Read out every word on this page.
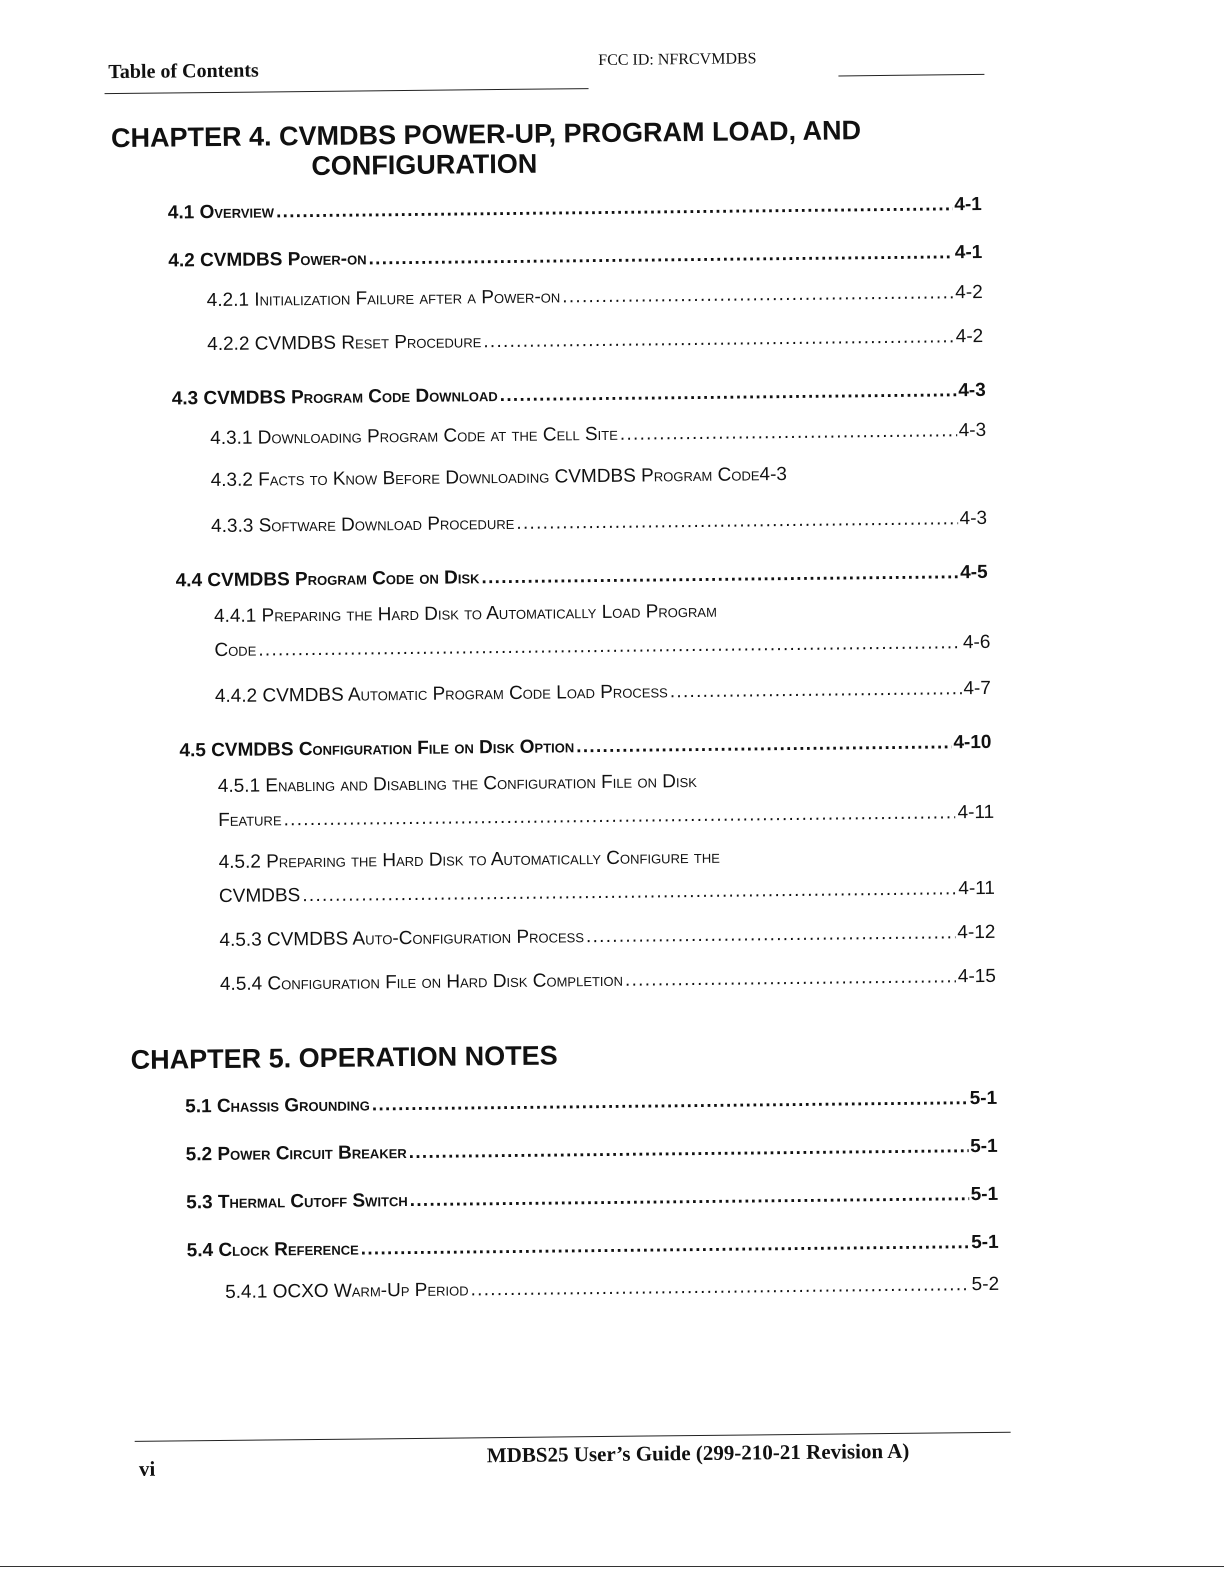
Table of Contents	FCC ID: NFRCVMDBS
CHAPTER 4. CVMDBS POWER-UP, PROGRAM LOAD, AND
CONFIGURATION
4.1 Overview . . .	4-1
4.2 CVMDBS Power-on . . .	4-1
4.2.1 Initialization Failure after a Power-on . . .	4-2
4.2.2 CVMDBS Reset Procedure . . .	4-2
4.3 CVMDBS Program Code Download . . .	4-3
4.3.1 Downloading Program Code at the Cell Site . . .	4-3
4.3.2 Facts to Know Before Downloading CVMDBS Program Code 4-3
4.3.3 Software Download Procedure . . .	4-3
4.4 CVMDBS Program Code on Disk . . .	4-5
4.4.1 Preparing the Hard Disk to Automatically Load Program
Code . . .	4-6
4.4.2 CVMDBS Automatic Program Code Load Process . . .	4-7
4.5 CVMDBS Configuration File on Disk Option . . .	4-10
4.5.1 Enabling and Disabling the Configuration File on Disk
Feature . . .	4-11
4.5.2 Preparing the Hard Disk to Automatically Configure the
CVMDBS . . .	4-11
4.5.3 CVMDBS Auto-Configuration Process . . .	4-12
4.5.4 Configuration File on Hard Disk Completion . . .	4-15
CHAPTER 5. OPERATION NOTES
5.1 Chassis Grounding . . .	5-1
5.2 Power Circuit Breaker . . .	5-1
5.3 Thermal Cutoff Switch . . .	5-1
5.4 Clock Reference . . .	5-1
5.4.1 OCXO Warm-Up Period . . .	5-2
vi
MDBS25 User’s Guide (299-210-21 Revision A)
